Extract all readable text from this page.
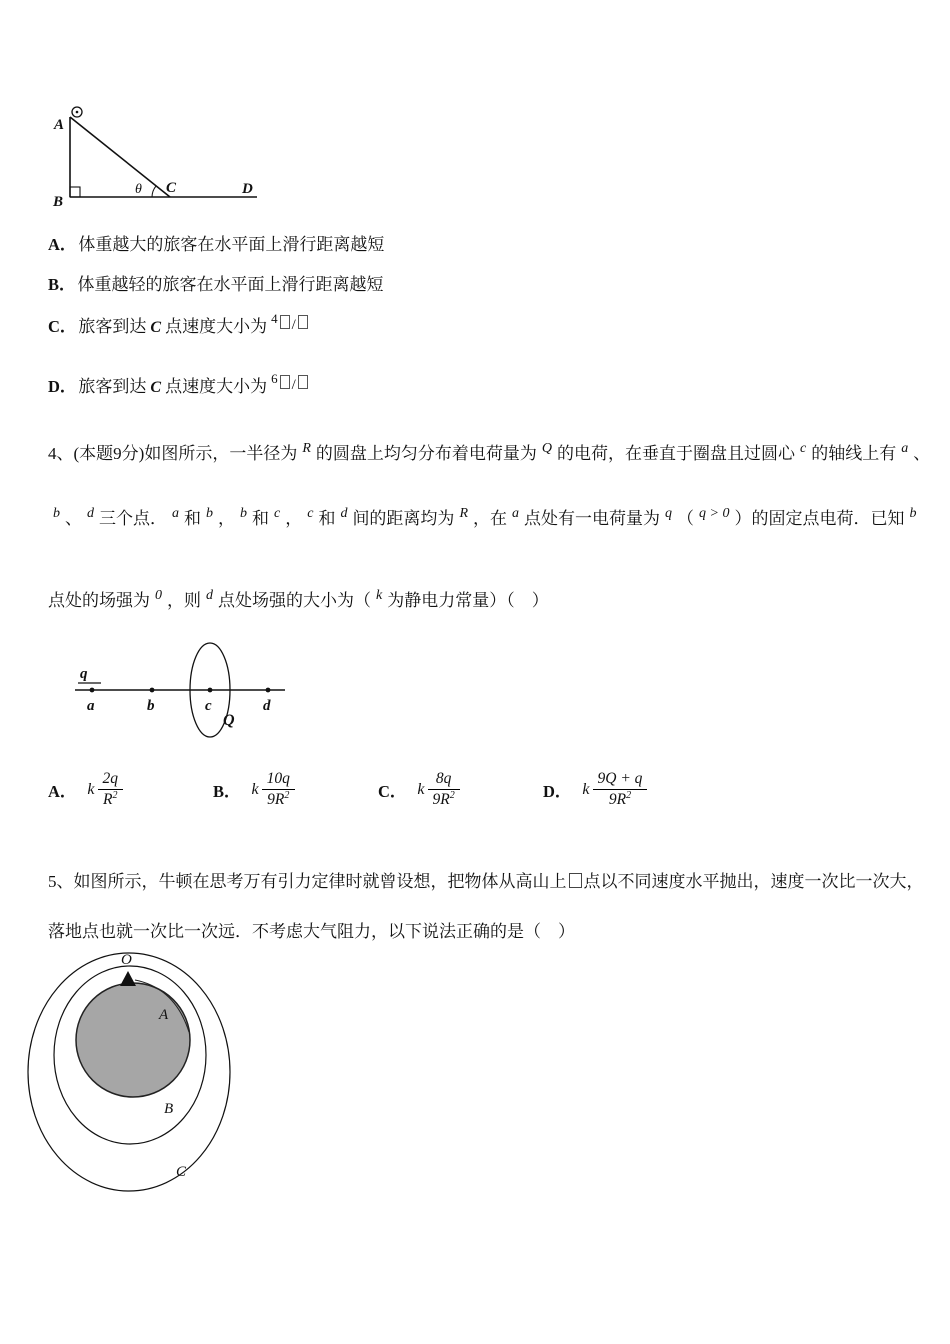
A
B
θ C	D
A． 体重越大的旅客在水平面上滑行距离越短
B． 体重越轻的旅客在水平面上滑行距离越短
C． 旅客到达 C 点速度大小为 $^4$ /
D． 旅客到达 C 点速度大小为 $^6$ /
4、(本题9分)如图所示，一半径为 $^R$ 的圆盘上均匀分布着电荷量为 $^Q$ 的电荷，在垂直于圈盘且过圆心 $^c$ 的轴线上有 $^a$ 、
$^b$ 、 $^d$ 三个点． $^a$ 和 $^b$ ， $^b$ 和 $^c$ ， $^c$ 和 $^d$ 间的距离均为 $^R$ ，在 $^a$ 点处有一电荷量为 $^q$ （ $^{q > 0}$ ）的固定点电荷．已知 $^b$
点处的场强为 $^0$ ，则 $^d$ 点处场强的大小为（ $^k$ 为静电力常量）（　）
q
a	b	c	d
Q
A． k $\frac{2q}{R^2}$	B． k $\frac{10q}{9R^2}$	C． k $\frac{8q}{9R^2}$	D． k $\frac{9Q + q}{9R^2}$
5、如图所示，牛顿在思考万有引力定律时就曾设想，把物体从高山上 点以不同速度水平抛出，速度一次比一次大，
落地点也就一次比一次远．不考虑大气阻力，以下说法正确的是（　）
O
A
B
C
